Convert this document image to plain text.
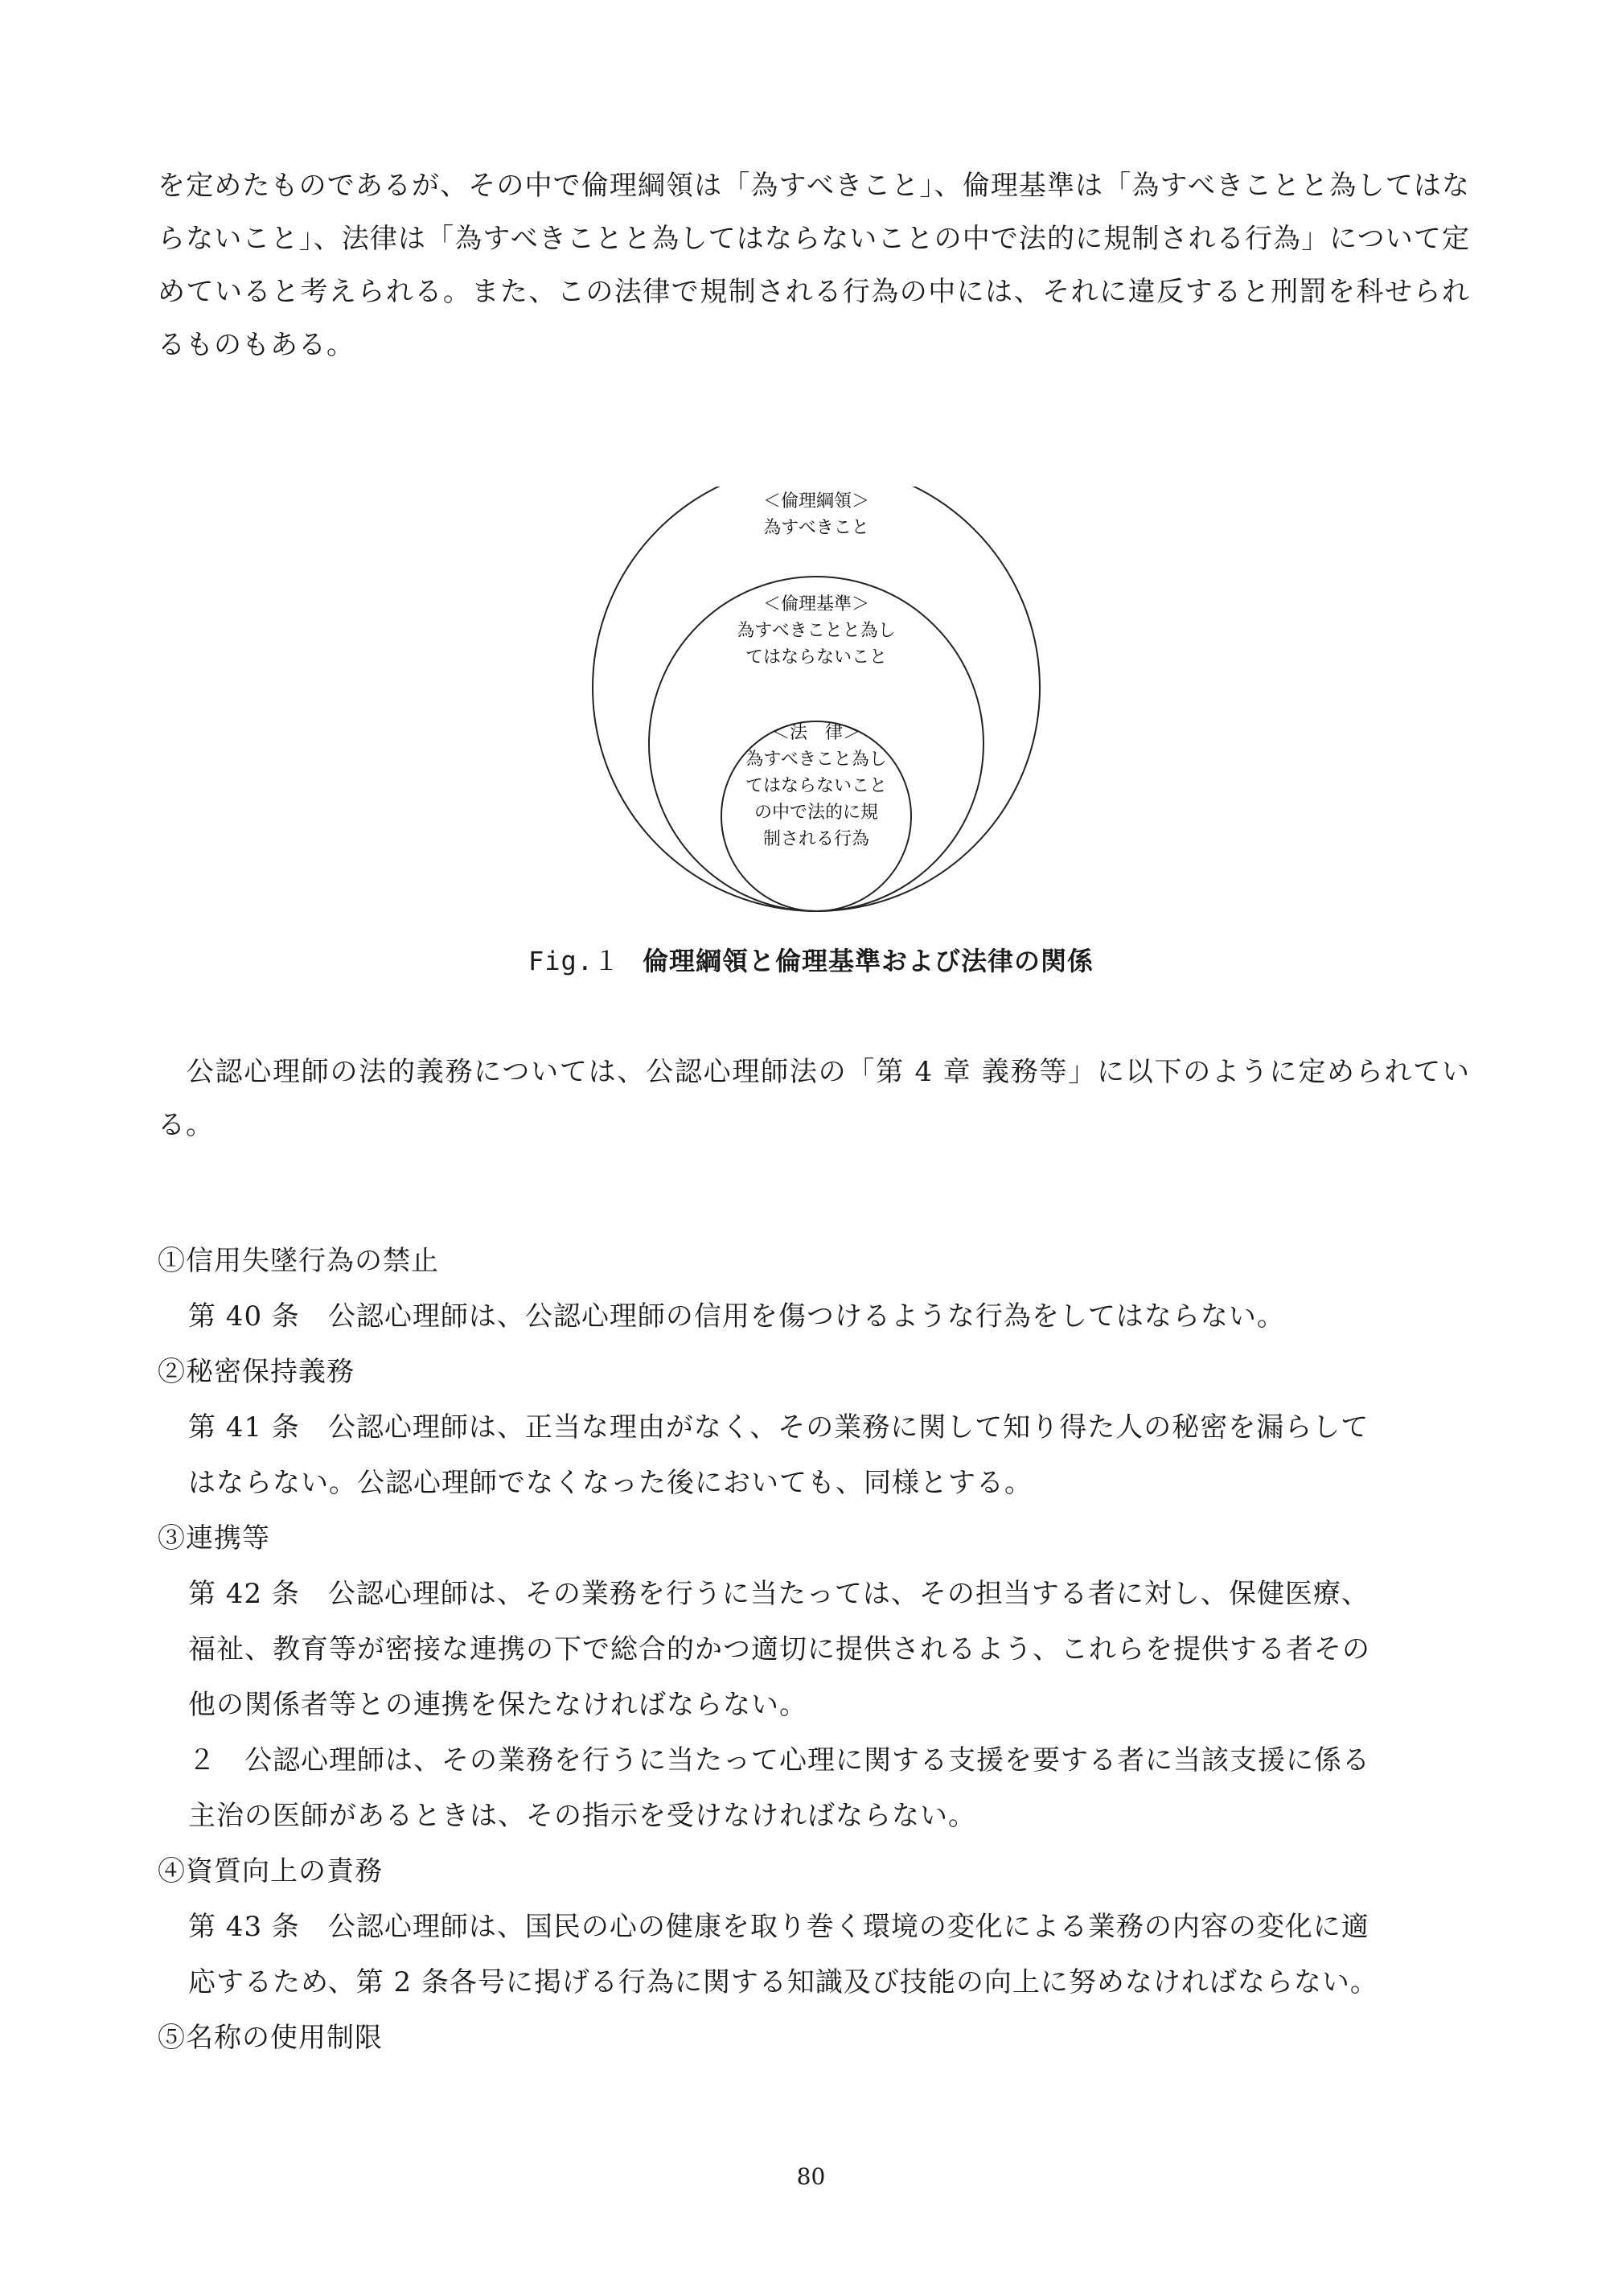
を定めたものであるが、その中で倫理綱領は「為すべきこと」、倫理基準は「為すべきことと為してはならないこと」、法律は「為すべきことと為してはならないことの中で法的に規制される行為」について定めていると考えられる。また、この法律で規制される行為の中には、それに違反すると刑罰を科せられるものもある。

＜倫理綱領＞
為すべきこと
＜倫理基準＞
為すべきことと為し
てはならないこと
＜法　律＞
為すべきこと為し
てはならないこと
の中で法的に規
制される行為
Fig.１ 倫理綱領と倫理基準および法律の関係

　公認心理師の法的義務については、公認心理師法の「第 4 章 義務等」に以下のように定められている。

①信用失墜行為の禁止
第 40 条　公認心理師は、公認心理師の信用を傷つけるような行為をしてはならない。
②秘密保持義務
第 41 条　公認心理師は、正当な理由がなく、その業務に関して知り得た人の秘密を漏らして
はならない。公認心理師でなくなった後においても、同様とする。
③連携等
第 42 条　公認心理師は、その業務を行うに当たっては、その担当する者に対し、保健医療、
福祉、教育等が密接な連携の下で総合的かつ適切に提供されるよう、これらを提供する者その
他の関係者等との連携を保たなければならない。
２　公認心理師は、その業務を行うに当たって心理に関する支援を要する者に当該支援に係る
主治の医師があるときは、その指示を受けなければならない。
④資質向上の責務
第 43 条　公認心理師は、国民の心の健康を取り巻く環境の変化による業務の内容の変化に適
応するため、第 2 条各号に掲げる行為に関する知識及び技能の向上に努めなければならない。
⑤名称の使用制限
80
